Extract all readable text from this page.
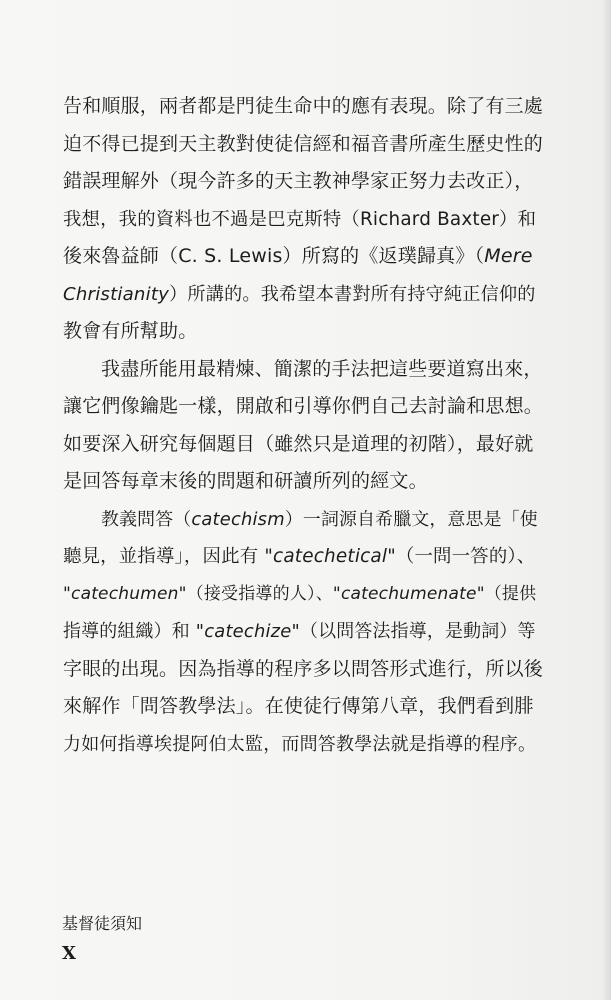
告和順服，兩者都是門徒生命中的應有表現。除了有三處
迫不得已提到天主教對使徒信經和福音書所產生歷史性的
錯誤理解外（現今許多的天主教神學家正努力去改正），
我想，我的資料也不過是巴克斯特（Richard Baxter）和
後來魯益師（C. S. Lewis）所寫的《返璞歸真》（Mere
Christianity）所講的。我希望本書對所有持守純正信仰的
教會有所幫助。
我盡所能用最精煉、簡潔的手法把這些要道寫出來，
讓它們像鑰匙一樣，開啟和引導你們自己去討論和思想。
如要深入研究每個題目（雖然只是道理的初階），最好就
是回答每章末後的問題和研讀所列的經文。
教義問答（catechism）一詞源自希臘文，意思是「使
聽見，並指導」，因此有 "catechetical"（一問一答的）、
"catechumen"（接受指導的人）、"catechumenate"（提供
指導的組織）和 "catechize"（以問答法指導，是動詞）等
字眼的出現。因為指導的程序多以問答形式進行，所以後
來解作「問答教學法」。在使徒行傳第八章，我們看到腓
力如何指導埃提阿伯太監，而問答教學法就是指導的程序。
基督徒須知
X
